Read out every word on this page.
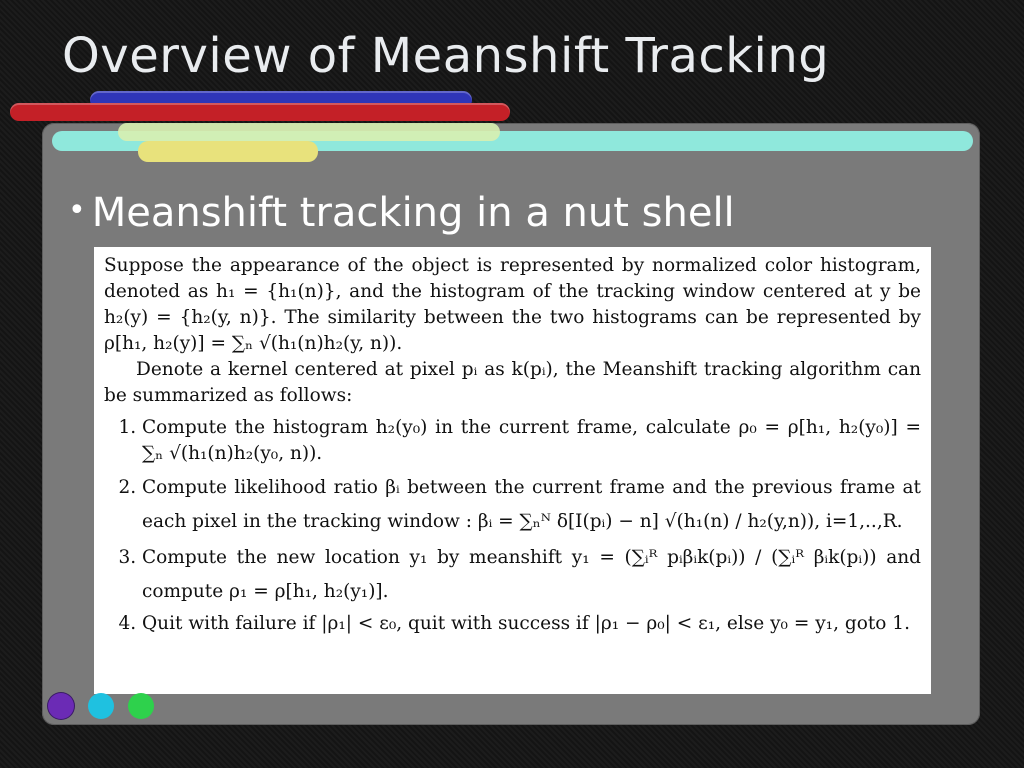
Overview of Meanshift Tracking
• Meanshift tracking in a nut shell

Suppose the appearance of the object is represented by normalized color histogram, denoted as h₁ = {h₁(n)}, and the histogram of the tracking window centered at y be h₂(y) = {h₂(y, n)}. The similarity between the two histograms can be represented by ρ[h₁, h₂(y)] = ∑ₙ √(h₁(n)h₂(y, n)).

Denote a kernel centered at pixel pᵢ as k(pᵢ), the Meanshift tracking algorithm can be summarized as follows:

1. Compute the histogram h₂(y₀) in the current frame, calculate ρ₀ = ρ[h₁, h₂(y₀)] = ∑ₙ √(h₁(n)h₂(y₀, n)).
2. Compute likelihood ratio βᵢ between the current frame and the previous frame at each pixel in the tracking window : βᵢ = ∑ₙᴺ δ[I(pᵢ) − n] √(h₁(n) / h₂(y,n)), i=1,..,R.
3. Compute the new location y₁ by meanshift y₁ = (∑ᵢᴿ pᵢβᵢk(pᵢ)) / (∑ᵢᴿ βᵢk(pᵢ)) and compute ρ₁ = ρ[h₁, h₂(y₁)].
4. Quit with failure if |ρ₁| < ε₀, quit with success if |ρ₁ − ρ₀| < ε₁, else y₀ = y₁, goto 1.
